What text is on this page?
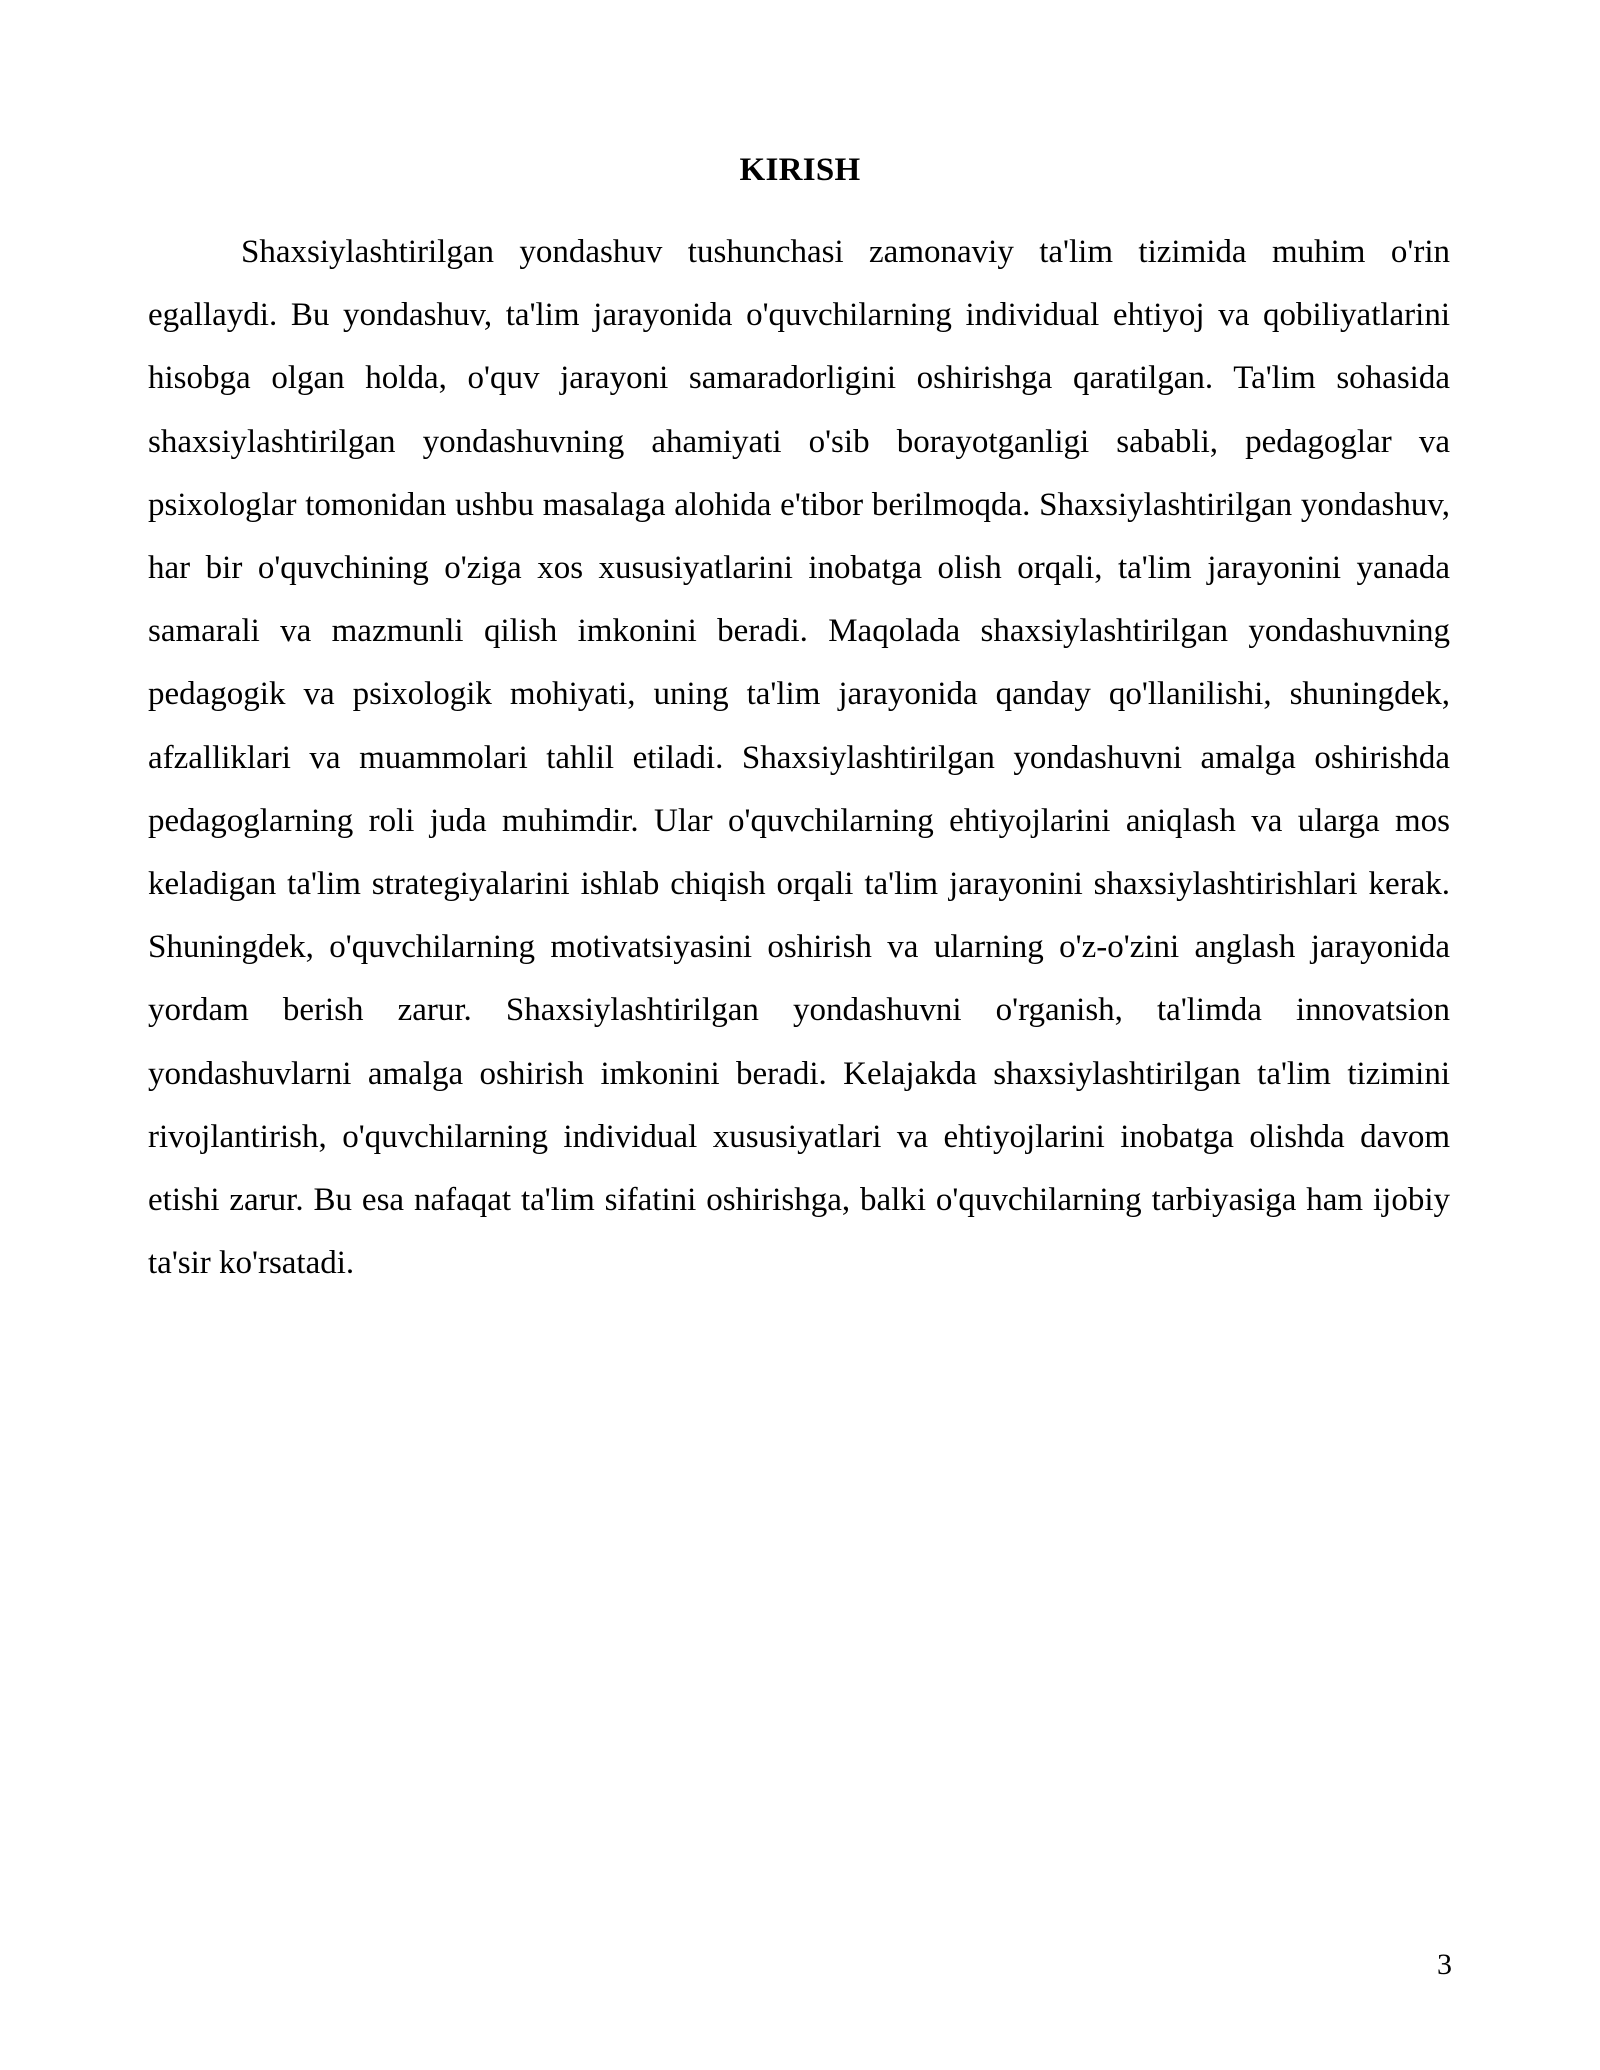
KIRISH

Shaxsiylashtirilgan yondashuv tushunchasi zamonaviy ta'lim tizimida muhim o'rin egallaydi. Bu yondashuv, ta'lim jarayonida o'quvchilarning individual ehtiyoj va qobiliyatlarini hisobga olgan holda, o'quv jarayoni samaradorligini oshirishga qaratilgan. Ta'lim sohasida shaxsiylashtirilgan yondashuvning ahamiyati o'sib borayotganligi sababli, pedagoglar va psixologlar tomonidan ushbu masalaga alohida e'tibor berilmoqda. Shaxsiylashtirilgan yondashuv, har bir o'quvchining o'ziga xos xususiyatlarini inobatga olish orqali, ta'lim jarayonini yanada samarali va mazmunli qilish imkonini beradi. Maqolada shaxsiylashtirilgan yondashuvning pedagogik va psixologik mohiyati, uning ta'lim jarayonida qanday qo'llanilishi, shuningdek, afzalliklari va muammolari tahlil etiladi. Shaxsiylashtirilgan yondashuvni amalga oshirishda pedagoglarning roli juda muhimdir. Ular o'quvchilarning ehtiyojlarini aniqlash va ularga mos keladigan ta'lim strategiyalarini ishlab chiqish orqali ta'lim jarayonini shaxsiylashtirishlari kerak. Shuningdek, o'quvchilarning motivatsiyasini oshirish va ularning o'z-o'zini anglash jarayonida yordam berish zarur. Shaxsiylashtirilgan yondashuvni o'rganish, ta'limda innovatsion yondashuvlarni amalga oshirish imkonini beradi. Kelajakda shaxsiylashtirilgan ta'lim tizimini rivojlantirish, o'quvchilarning individual xususiyatlari va ehtiyojlarini inobatga olishda davom etishi zarur. Bu esa nafaqat ta'lim sifatini oshirishga, balki o'quvchilarning tarbiyasiga ham ijobiy ta'sir ko'rsatadi.

3
